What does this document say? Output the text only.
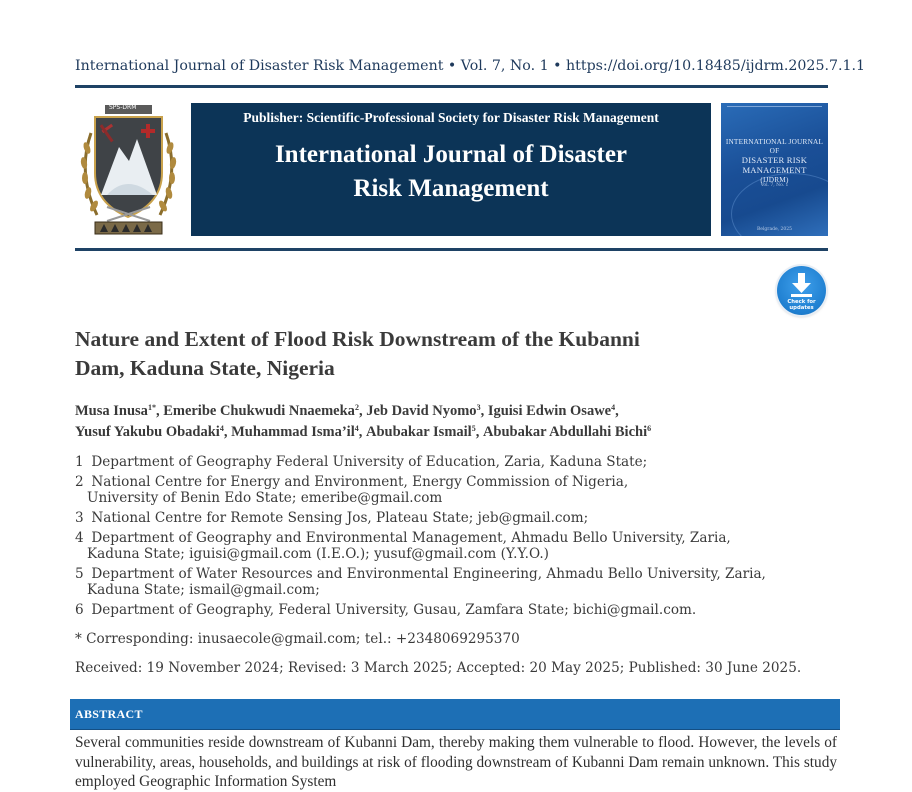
International Journal of Disaster Risk Management • Vol. 7, No. 1 • https://doi.org/10.18485/ijdrm.2025.7.1.1
SPS-DRM
Publisher: Scientific-Professional Society for Disaster Risk Management
International Journal of Disaster
Risk Management
INTERNATIONAL JOURNAL OF
DISASTER RISK
MANAGEMENT
(IJDRM)
Vol. 7, No. 1
Belgrade, 2025
Check for updates
Nature and Extent of Flood Risk Downstream of the Kubanni
Dam, Kaduna State, Nigeria
Musa Inusa$^{1*}$, Emeribe Chukwudi Nnaemeka$^2$, Jeb David Nyomo$^3$, Iguisi Edwin Osawe$^4$,
Yusuf Yakubu Obadaki$^4$, Muhammad $Isma’il^4$, Abubakar Ismail$^5$, Abubakar Abdullahi Bichi$^6$
1 Department of Geography Federal University of Education, Zaria, Kaduna State;
2 National Centre for Energy and Environment, Energy Commission of Nigeria,
University of Benin Edo State; emeribe@gmail.com
3 National Centre for Remote Sensing Jos, Plateau State; jeb@gmail.com;
4 Department of Geography and Environmental Management, Ahmadu Bello University, Zaria,
Kaduna State; iguisi@gmail.com (I.E.O.); yusuf@gmail.com (Y.Y.O.)
5 Department of Water Resources and Environmental Engineering, Ahmadu Bello University, Zaria,
Kaduna State; ismail@gmail.com;
6 Department of Geography, Federal University, Gusau, Zamfara State; bichi@gmail.com.
* Corresponding: inusaecole@gmail.com; tel.: +2348069295370
Received: 19 November 2024; Revised: 3 March 2025; Accepted: 20 May 2025; Published: 30 June 2025.
ABSTRACT
Several communities reside downstream of Kubanni Dam, thereby making them vulnerable to flood. However, the levels of vulnerability, areas, households, and buildings at risk of flooding downstream of Kubanni Dam remain unknown. This study employed Geographic Information System
